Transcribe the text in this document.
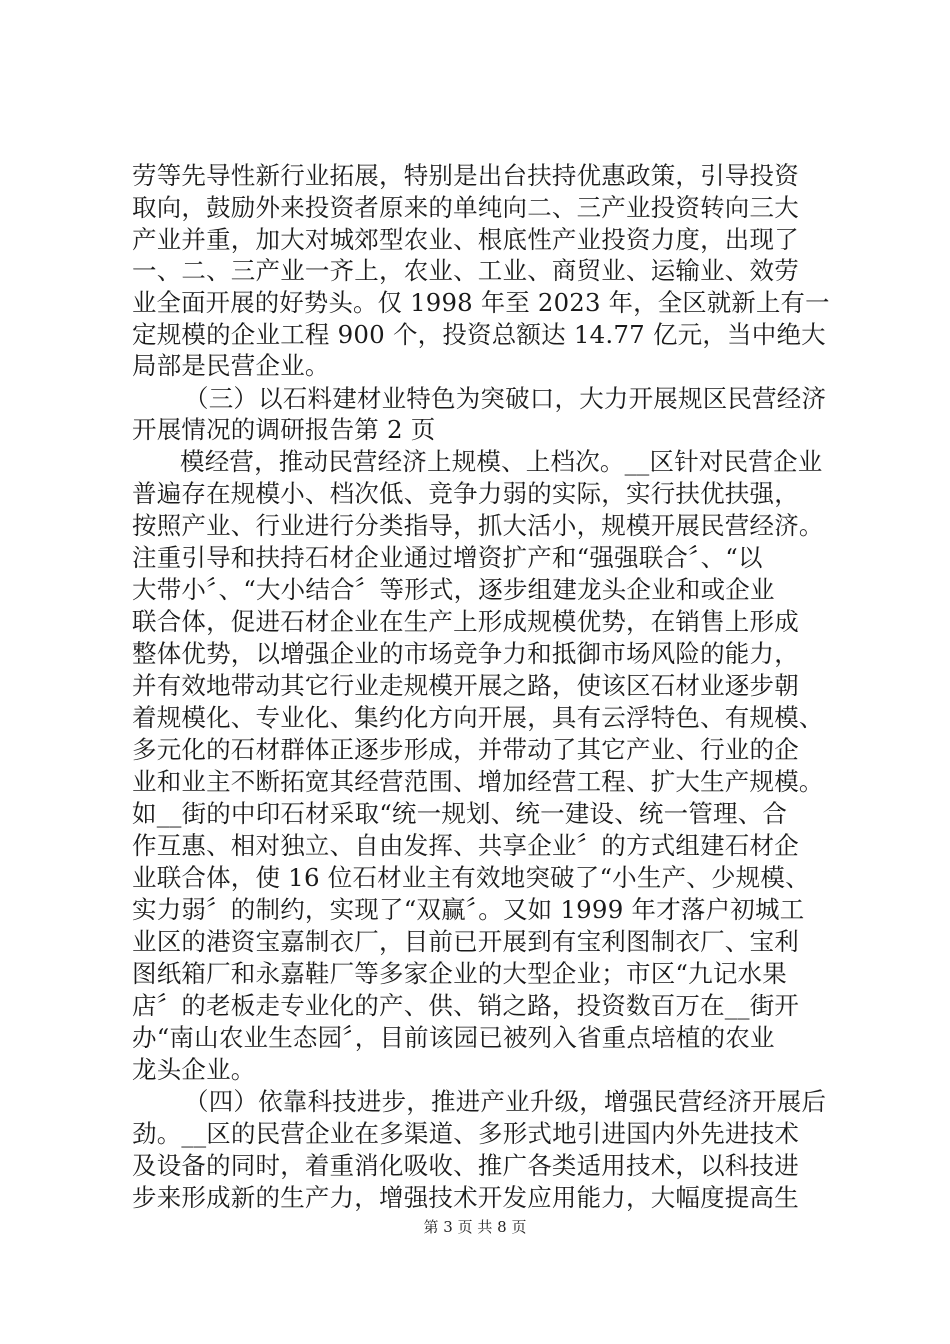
劳等先导性新行业拓展，特别是出台扶持优惠政策，引导投资
取向，鼓励外来投资者原来的单纯向二、三产业投资转向三大
产业并重，加大对城郊型农业、根底性产业投资力度，出现了
一、二、三产业一齐上，农业、工业、商贸业、运输业、效劳
业全面开展的好势头。仅 1998 年至 2023 年，全区就新上有一
定规模的企业工程 900 个，投资总额达 14.77 亿元，当中绝大
局部是民营企业。
（三）以石料建材业特色为突破口，大力开展规区民营经济
开展情况的调研报告第 2 页
模经营，推动民营经济上规模、上档次。__区针对民营企业
普遍存在规模小、档次低、竞争力弱的实际，实行扶优扶强，
按照产业、行业进行分类指导，抓大活小，规模开展民营经济。
注重引导和扶持石材企业通过增资扩产和“强强联合〞、“以
大带小〞、“大小结合〞等形式，逐步组建龙头企业和或企业
联合体，促进石材企业在生产上形成规模优势，在销售上形成
整体优势，以增强企业的市场竞争力和抵御市场风险的能力，
并有效地带动其它行业走规模开展之路，使该区石材业逐步朝
着规模化、专业化、集约化方向开展，具有云浮特色、有规模、
多元化的石材群体正逐步形成，并带动了其它产业、行业的企
业和业主不断拓宽其经营范围、增加经营工程、扩大生产规模。
如__街的中印石材采取“统一规划、统一建设、统一管理、合
作互惠、相对独立、自由发挥、共享企业〞的方式组建石材企
业联合体，使 16 位石材业主有效地突破了“小生产、少规模、
实力弱〞的制约，实现了“双赢〞。又如 1999 年才落户初城工
业区的港资宝嘉制衣厂，目前已开展到有宝利图制衣厂、宝利
图纸箱厂和永嘉鞋厂等多家企业的大型企业；市区“九记水果
店〞的老板走专业化的产、供、销之路，投资数百万在__街开
办“南山农业生态园〞，目前该园已被列入省重点培植的农业
龙头企业。
（四）依靠科技进步，推进产业升级，增强民营经济开展后
劲。__区的民营企业在多渠道、多形式地引进国内外先进技术
及设备的同时，着重消化吸收、推广各类适用技术，以科技进
步来形成新的生产力，增强技术开发应用能力，大幅度提高生
第 3 页 共 8 页
